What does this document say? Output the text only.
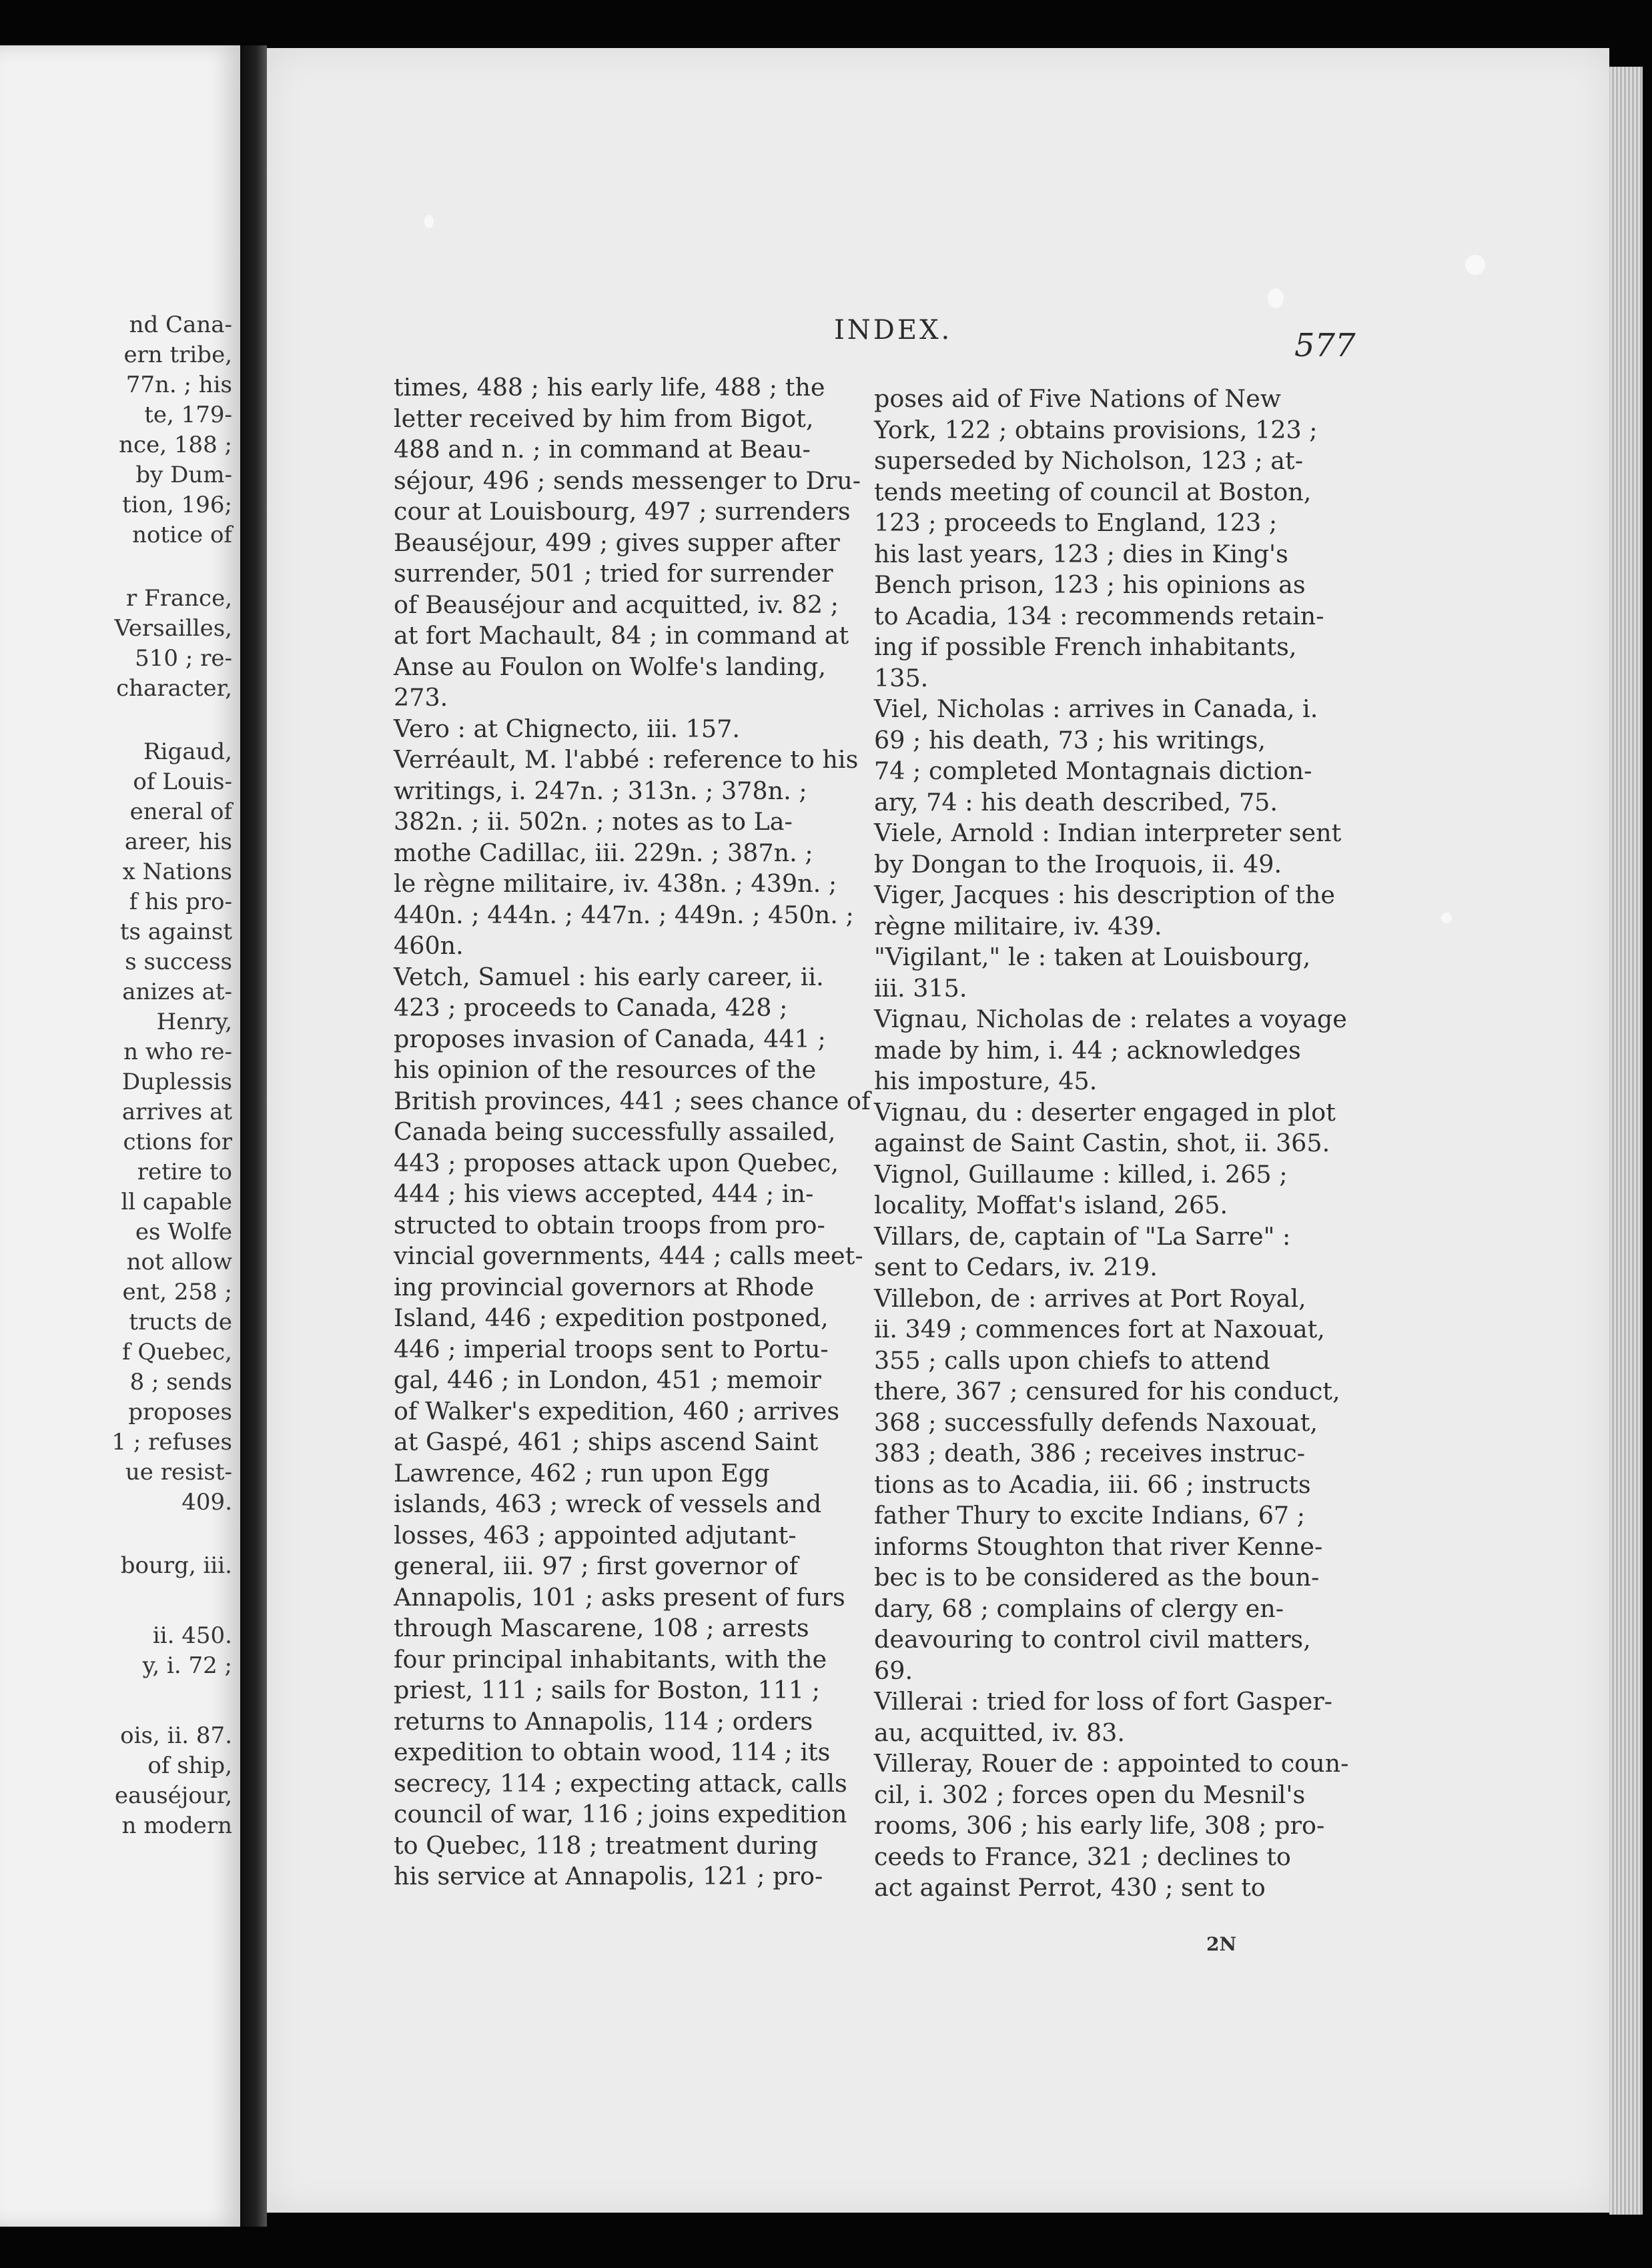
nd Cana-
ern tribe,
77n. ; his
te, 179-
nce, 188 ;
by Dum-
tion, 196;
notice of
r France,
Versailles,
510 ; re-
character,
Rigaud,
of Louis-
eneral of
areer, his
x Nations
f his pro-
ts against
s success
anizes at-
Henry,
n who re-
Duplessis
arrives at
ctions for
retire to
ll capable
es Wolfe
not allow
ent, 258 ;
tructs de
f Quebec,
8 ; sends
proposes
1 ; refuses
ue resist-
409.
bourg, iii.
ii. 450.
y, i. 72 ;
ois, ii. 87.
of ship,
eauséjour,
n modern
INDEX.	577
times, 488 ; his early life, 488 ; the
letter received by him from Bigot,
488 and n. ; in command at Beau-
séjour, 496 ; sends messenger to Dru-
cour at Louisbourg, 497 ; surrenders
Beauséjour, 499 ; gives supper after
surrender, 501 ; tried for surrender
of Beauséjour and acquitted, iv. 82 ;
at fort Machault, 84 ; in command at
Anse au Foulon on Wolfe's landing,
273.
Vero : at Chignecto, iii. 157.
Verréault, M. l'abbé : reference to his
writings, i. 247n. ; 313n. ; 378n. ;
382n. ; ii. 502n. ; notes as to La-
mothe Cadillac, iii. 229n. ; 387n. ;
le règne militaire, iv. 438n. ; 439n. ;
440n. ; 444n. ; 447n. ; 449n. ; 450n. ;
460n.
Vetch, Samuel : his early career, ii.
423 ; proceeds to Canada, 428 ;
proposes invasion of Canada, 441 ;
his opinion of the resources of the
British provinces, 441 ; sees chance of
Canada being successfully assailed,
443 ; proposes attack upon Quebec,
444 ; his views accepted, 444 ; in-
structed to obtain troops from pro-
vincial governments, 444 ; calls meet-
ing provincial governors at Rhode
Island, 446 ; expedition postponed,
446 ; imperial troops sent to Portu-
gal, 446 ; in London, 451 ; memoir
of Walker's expedition, 460 ; arrives
at Gaspé, 461 ; ships ascend Saint
Lawrence, 462 ; run upon Egg
islands, 463 ; wreck of vessels and
losses, 463 ; appointed adjutant-
general, iii. 97 ; first governor of
Annapolis, 101 ; asks present of furs
through Mascarene, 108 ; arrests
four principal inhabitants, with the
priest, 111 ; sails for Boston, 111 ;
returns to Annapolis, 114 ; orders
expedition to obtain wood, 114 ; its
secrecy, 114 ; expecting attack, calls
council of war, 116 ; joins expedition
to Quebec, 118 ; treatment during
his service at Annapolis, 121 ; pro-
poses aid of Five Nations of New
York, 122 ; obtains provisions, 123 ;
superseded by Nicholson, 123 ; at-
tends meeting of council at Boston,
123 ; proceeds to England, 123 ;
his last years, 123 ; dies in King's
Bench prison, 123 ; his opinions as
to Acadia, 134 : recommends retain-
ing if possible French inhabitants,
135.
Viel, Nicholas : arrives in Canada, i.
69 ; his death, 73 ; his writings,
74 ; completed Montagnais diction-
ary, 74 : his death described, 75.
Viele, Arnold : Indian interpreter sent
by Dongan to the Iroquois, ii. 49.
Viger, Jacques : his description of the
règne militaire, iv. 439.
"Vigilant," le : taken at Louisbourg,
iii. 315.
Vignau, Nicholas de : relates a voyage
made by him, i. 44 ; acknowledges
his imposture, 45.
Vignau, du : deserter engaged in plot
against de Saint Castin, shot, ii. 365.
Vignol, Guillaume : killed, i. 265 ;
locality, Moffat's island, 265.
Villars, de, captain of "La Sarre" :
sent to Cedars, iv. 219.
Villebon, de : arrives at Port Royal,
ii. 349 ; commences fort at Naxouat,
355 ; calls upon chiefs to attend
there, 367 ; censured for his conduct,
368 ; successfully defends Naxouat,
383 ; death, 386 ; receives instruc-
tions as to Acadia, iii. 66 ; instructs
father Thury to excite Indians, 67 ;
informs Stoughton that river Kenne-
bec is to be considered as the boun-
dary, 68 ; complains of clergy en-
deavouring to control civil matters,
69.
Villerai : tried for loss of fort Gasper-
au, acquitted, iv. 83.
Villeray, Rouer de : appointed to coun-
cil, i. 302 ; forces open du Mesnil's
rooms, 306 ; his early life, 308 ; pro-
ceeds to France, 321 ; declines to
act against Perrot, 430 ; sent to
2N
